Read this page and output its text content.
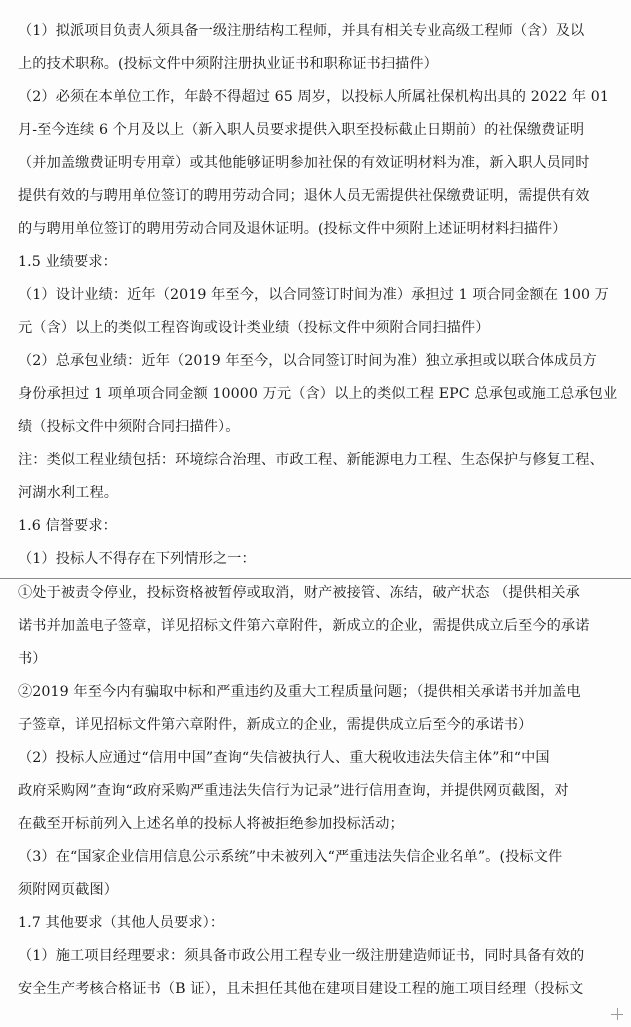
（1）拟派项目负责人须具备一级注册结构工程师，并具有相关专业高级工程师（含）及以
上的技术职称。(投标文件中须附注册执业证书和职称证书扫描件）
（2）必须在本单位工作，年龄不得超过 65 周岁，以投标人所属社保机构出具的 2022 年 01
月-至今连续 6 个月及以上（新入职人员要求提供入职至投标截止日期前）的社保缴费证明
（并加盖缴费证明专用章）或其他能够证明参加社保的有效证明材料为准，新入职人员同时
提供有效的与聘用单位签订的聘用劳动合同；退休人员无需提供社保缴费证明，需提供有效
的与聘用单位签订的聘用劳动合同及退休证明。(投标文件中须附上述证明材料扫描件）
1.5 业绩要求：
（1）设计业绩：近年（2019 年至今，以合同签订时间为准）承担过 1 项合同金额在 100 万
元（含）以上的类似工程咨询或设计类业绩（投标文件中须附合同扫描件）
（2）总承包业绩：近年（2019 年至今，以合同签订时间为准）独立承担或以联合体成员方
身份承担过 1 项单项合同金额 10000 万元（含）以上的类似工程 EPC 总承包或施工总承包业
绩（投标文件中须附合同扫描件）。
注：类似工程业绩包括：环境综合治理、市政工程、新能源电力工程、生态保护与修复工程、
河湖水利工程。
1.6 信誉要求：
（1）投标人不得存在下列情形之一：
①处于被责令停业，投标资格被暂停或取消，财产被接管、冻结，破产状态 （提供相关承
诺书并加盖电子签章，详见招标文件第六章附件，新成立的企业，需提供成立后至今的承诺
书）
②2019 年至今内有骗取中标和严重违约及重大工程质量问题；（提供相关承诺书并加盖电
子签章，详见招标文件第六章附件，新成立的企业，需提供成立后至今的承诺书）
（2）投标人应通过“信用中国”查询“失信被执行人、重大税收违法失信主体”和“中国
政府采购网”查询“政府采购严重违法失信行为记录”进行信用查询，并提供网页截图，对
在截至开标前列入上述名单的投标人将被拒绝参加投标活动；
（3）在“国家企业信用信息公示系统”中未被列入“严重违法失信企业名单”。(投标文件
须附网页截图）
1.7 其他要求（其他人员要求）：
（1）施工项目经理要求：须具备市政公用工程专业一级注册建造师证书，同时具备有效的
安全生产考核合格证书（B 证），且未担任其他在建项目建设工程的施工项目经理（投标文
